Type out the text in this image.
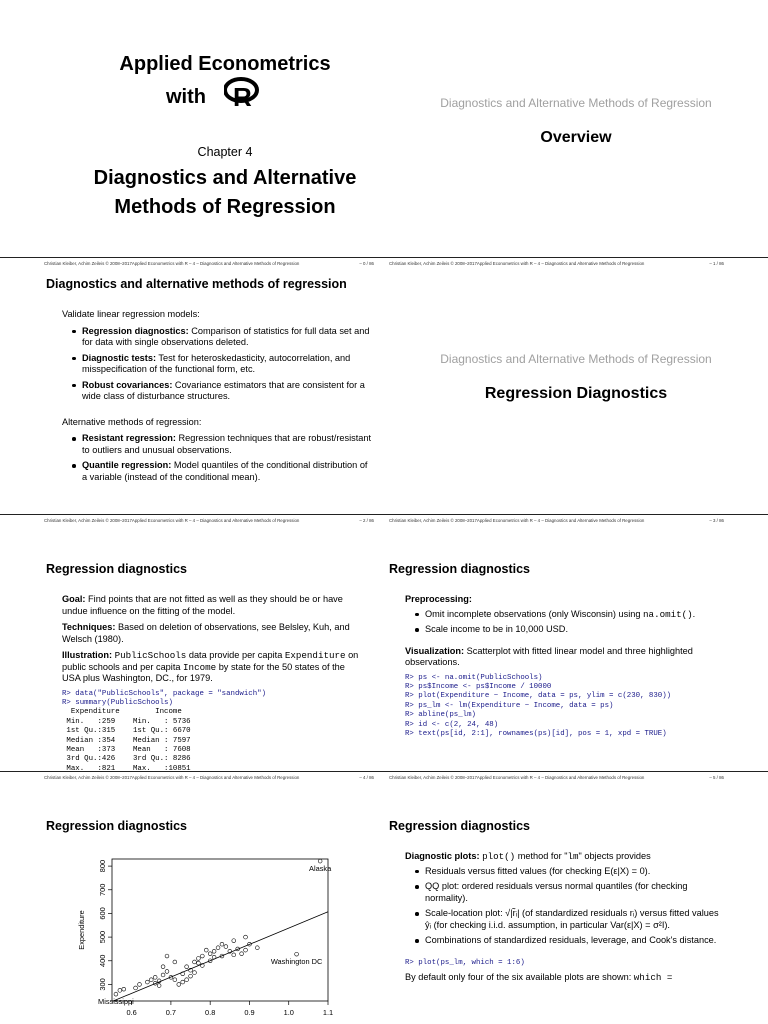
Applied Econometrics
with R
Chapter 4
Diagnostics and Alternative
Methods of Regression
Diagnostics and Alternative Methods of Regression
Overview
Christian Kleiber, Achim Zeileis © 2008–2017Applied Econometrics with R – 4 – Diagnostics and Alternative Methods of Regression	– 0 / 86
Diagnostics and alternative methods of regression

Validate linear regression models:

Regression diagnostics: Comparison of statistics for full data set and for data with single observations deleted.
Diagnostic tests: Test for heteroskedasticity, autocorrelation, and misspecification of the functional form, etc.
Robust covariances: Covariance estimators that are consistent for a wide class of disturbance structures.

Alternative methods of regression:

Resistant regression: Regression techniques that are robust/resistant to outliers and unusual observations.
Quantile regression: Model quantiles of the conditional distribution of a variable (instead of the conditional mean).
Christian Kleiber, Achim Zeileis © 2008–2017Applied Econometrics with R – 4 – Diagnostics and Alternative Methods of Regression	– 1 / 86
Diagnostics and Alternative Methods of Regression
Regression Diagnostics
Christian Kleiber, Achim Zeileis © 2008–2017Applied Econometrics with R – 4 – Diagnostics and Alternative Methods of Regression	– 2 / 86
Regression diagnostics

Goal: Find points that are not fitted as well as they should be or have undue influence on the fitting of the model.

Techniques: Based on deletion of observations, see Belsley, Kuh, and Welsch (1980).

Illustration: PublicSchools data provide per capita Expenditure on public schools and per capita Income by state for the 50 states of the USA plus Washington, DC., for 1979.

R> data("PublicSchools", package = "sandwich")
R> summary(PublicSchools)
Expenditure        Income
Min.   :259    Min.   : 5736
1st Qu.:315    1st Qu.: 6670
Median :354    Median : 7597
Mean   :373    Mean   : 7608
3rd Qu.:426    3rd Qu.: 8286
Max.   :821    Max.   :10851

Christian Kleiber, Achim Zeileis © 2008–2017Applied Econometrics with R – 4 – Diagnostics and Alternative Methods of Regression	– 3 / 86
Regression diagnostics

Preprocessing:

Omit incomplete observations (only Wisconsin) using na.omit().
Scale income to be in 10,000 USD.

Visualization: Scatterplot with fitted linear model and three highlighted observations.

R> ps <- na.omit(PublicSchools)
R> ps$Income <- ps$Income / 10000
R> plot(Expenditure ~ Income, data = ps, ylim = c(230, 830))
R> ps_lm <- lm(Expenditure ~ Income, data = ps)
R> abline(ps_lm)
R> id <- c(2, 24, 48)
R> text(ps[id, 2:1], rownames(ps)[id], pos = 1, xpd = TRUE)
Christian Kleiber, Achim Zeileis © 2008–2017Applied Econometrics with R – 4 – Diagnostics and Alternative Methods of Regression	– 4 / 86
Regression diagnostics
0.6	0.7	0.8	0.9	1.0	1.1
300
400
500
600
700
800
Expenditure
Alaska
Washington DC
Mississippi
Christian Kleiber, Achim Zeileis © 2008–2017Applied Econometrics with R – 4 – Diagnostics and Alternative Methods of Regression	– 5 / 86
Regression diagnostics

Diagnostic plots: plot() method for "lm" objects provides

Residuals versus fitted values (for checking E(ε|X) = 0).
QQ plot: ordered residuals versus normal quantiles (for checking normality).
Scale-location plot: √|r̃ᵢ| (of standardized residuals rᵢ) versus fitted values ŷᵢ (for checking i.i.d. assumption, in particular Var(ε|X) = σ²I).
Combinations of standardized residuals, leverage, and Cook's distance.
R> plot(ps_lm, which = 1:6)

By default only four of the six available plots are shown: which =
